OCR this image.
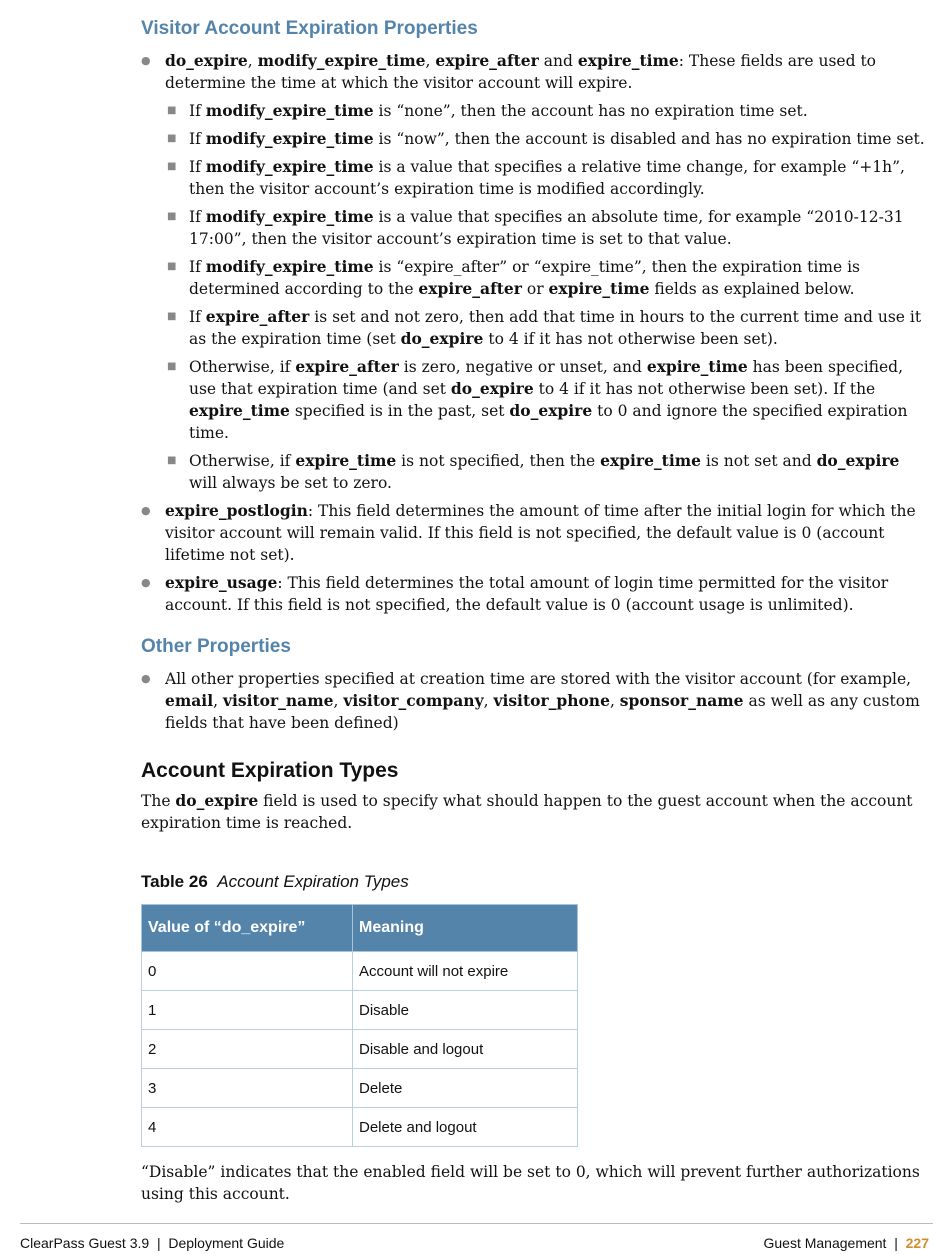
Visitor Account Expiration Properties
● do_expire, modify_expire_time, expire_after and expire_time: These fields are used to determine the time at which the visitor account will expire.
■ If modify_expire_time is “none”, then the account has no expiration time set.
■ If modify_expire_time is “now”, then the account is disabled and has no expiration time set.
■ If modify_expire_time is a value that specifies a relative time change, for example “+1h”, then the visitor account’s expiration time is modified accordingly.
■ If modify_expire_time is a value that specifies an absolute time, for example “2010-12-31 17:00”, then the visitor account’s expiration time is set to that value.
■ If modify_expire_time is “expire_after” or “expire_time”, then the expiration time is determined according to the expire_after or expire_time fields as explained below.
■ If expire_after is set and not zero, then add that time in hours to the current time and use it as the expiration time (set do_expire to 4 if it has not otherwise been set).
■ Otherwise, if expire_after is zero, negative or unset, and expire_time has been specified, use that expiration time (and set do_expire to 4 if it has not otherwise been set). If the expire_time specified is in the past, set do_expire to 0 and ignore the specified expiration time.
■ Otherwise, if expire_time is not specified, then the expire_time is not set and do_expire will always be set to zero.
● expire_postlogin: This field determines the amount of time after the initial login for which the visitor account will remain valid. If this field is not specified, the default value is 0 (account lifetime not set).
● expire_usage: This field determines the total amount of login time permitted for the visitor account. If this field is not specified, the default value is 0 (account usage is unlimited).
Other Properties
● All other properties specified at creation time are stored with the visitor account (for example, email, visitor_name, visitor_company, visitor_phone, sponsor_name as well as any custom fields that have been defined)
Account Expiration Types

The do_expire field is used to specify what should happen to the guest account when the account expiration time is reached.

Table 26 Account Expiration Types

Value of “do_expire”	Meaning
0	Account will not expire
1	Disable
2	Disable and logout
3	Delete
4	Delete and logout

“Disable” indicates that the enabled field will be set to 0, which will prevent further authorizations using this account.

ClearPass Guest 3.9  |  Deployment Guide	Guest Management  |  227
